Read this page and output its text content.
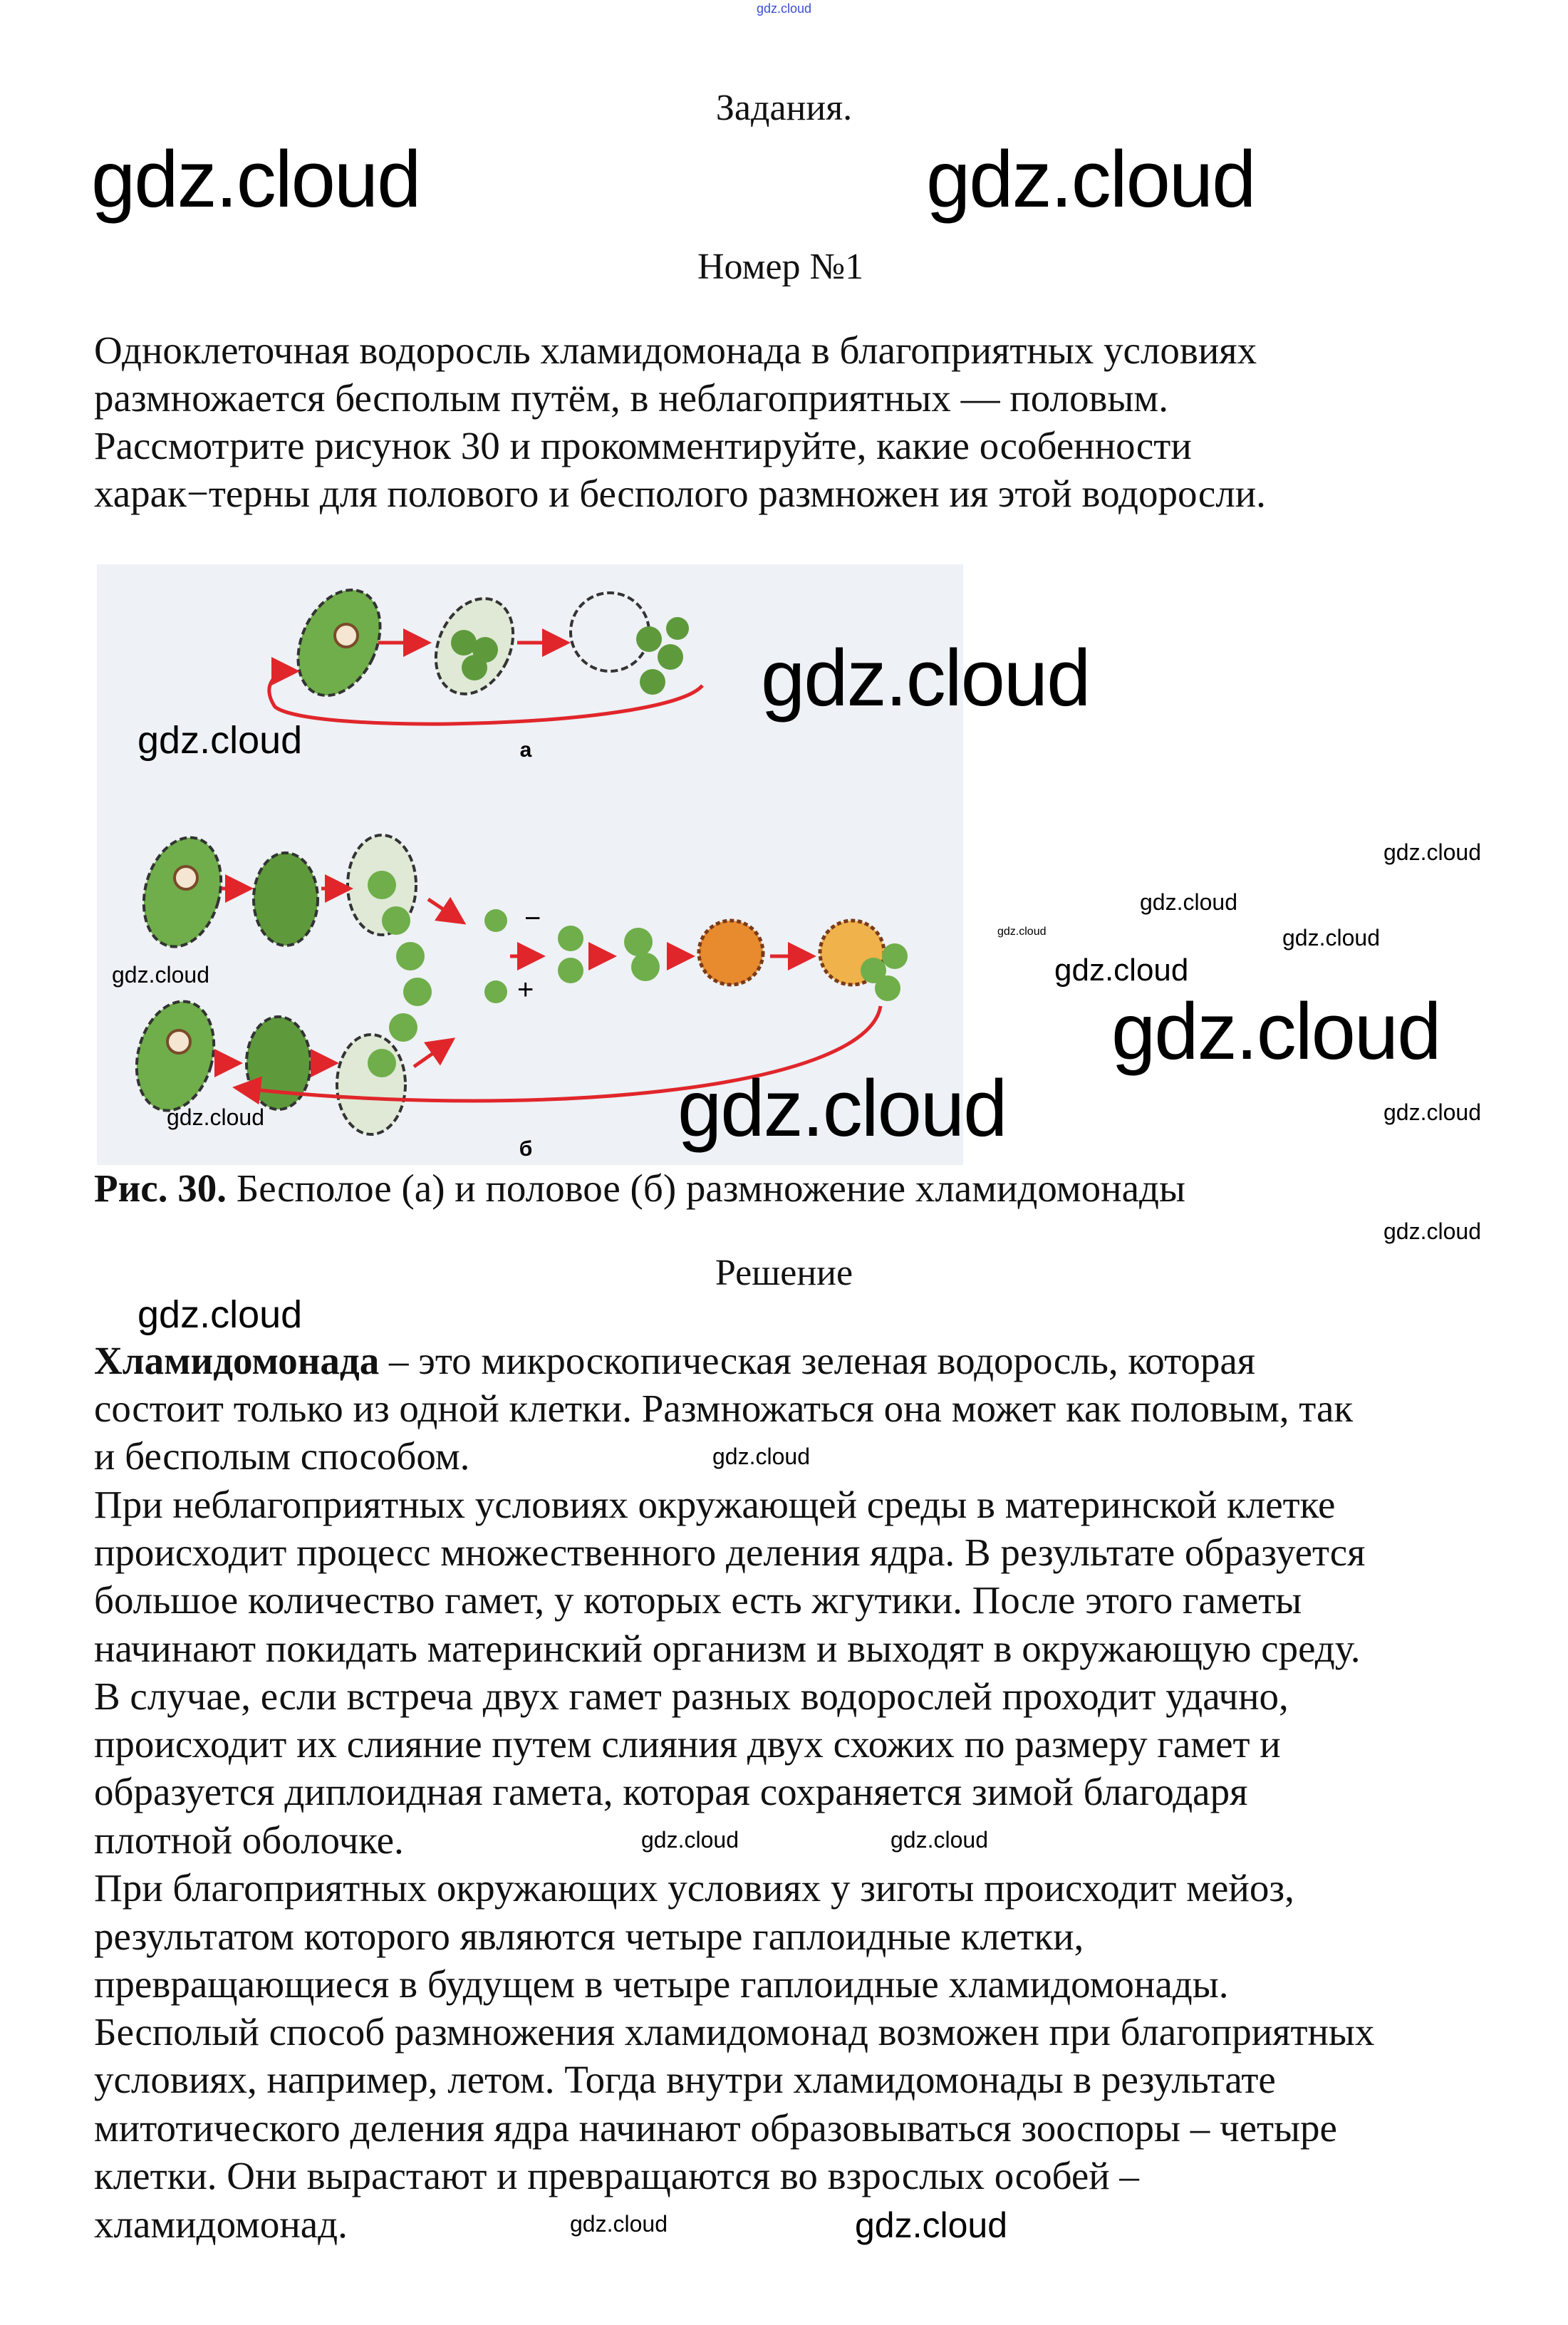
gdz.cloud
Задания.
Номер №1
Одноклеточная водоросль хламидомонада в благоприятных условиях
размножается бесполым путём, в неблагоприятных — половым.
Рассмотрите рисунок 30 и прокомментируйте, какие особенности
харак−терны для полового и бесполого размножен ия этой водоросли.
а
−
+
б
Рис. 30. Бесполое (а) и половое (б) размножение хламидомонады
Решение
Хламидомонада – это микроскопическая зеленая водоросль, которая
состоит только из одной клетки. Размножаться она может как половым, так
и бесполым способом.
При неблагоприятных условиях окружающей среды в материнской клетке
происходит процесс множественного деления ядра. В результате образуется
большое количество гамет, у которых есть жгутики. После этого гаметы
начинают покидать материнский организм и выходят в окружающую среду.
В случае, если встреча двух гамет разных водорослей проходит удачно,
происходит их слияние путем слияния двух схожих по размеру гамет и
образуется диплоидная гамета, которая сохраняется зимой благодаря
плотной оболочке.
При благоприятных окружающих условиях у зиготы происходит мейоз,
результатом которого являются четыре гаплоидные клетки,
превращающиеся в будущем в четыре гаплоидные хламидомонады.
Бесполый способ размножения хламидомонад возможен при благоприятных
условиях, например, летом. Тогда внутри хламидомонады в результате
митотического деления ядра начинают образовываться зооспоры – четыре
клетки. Они вырастают и превращаются во взрослых особей –
хламидомонад.
gdz.cloud	gdz.cloud
gdz.cloud
gdz.cloud
gdz.cloud
gdz.cloud
gdz.cloud	gdz.cloud
gdz.cloud
gdz.cloud
gdz.cloud
gdz.cloud
gdz.cloud	gdz.cloud
gdz.cloud
gdz.cloud
gdz.cloud
gdz.cloud	gdz.cloud
gdz.cloud	gdz.cloud
